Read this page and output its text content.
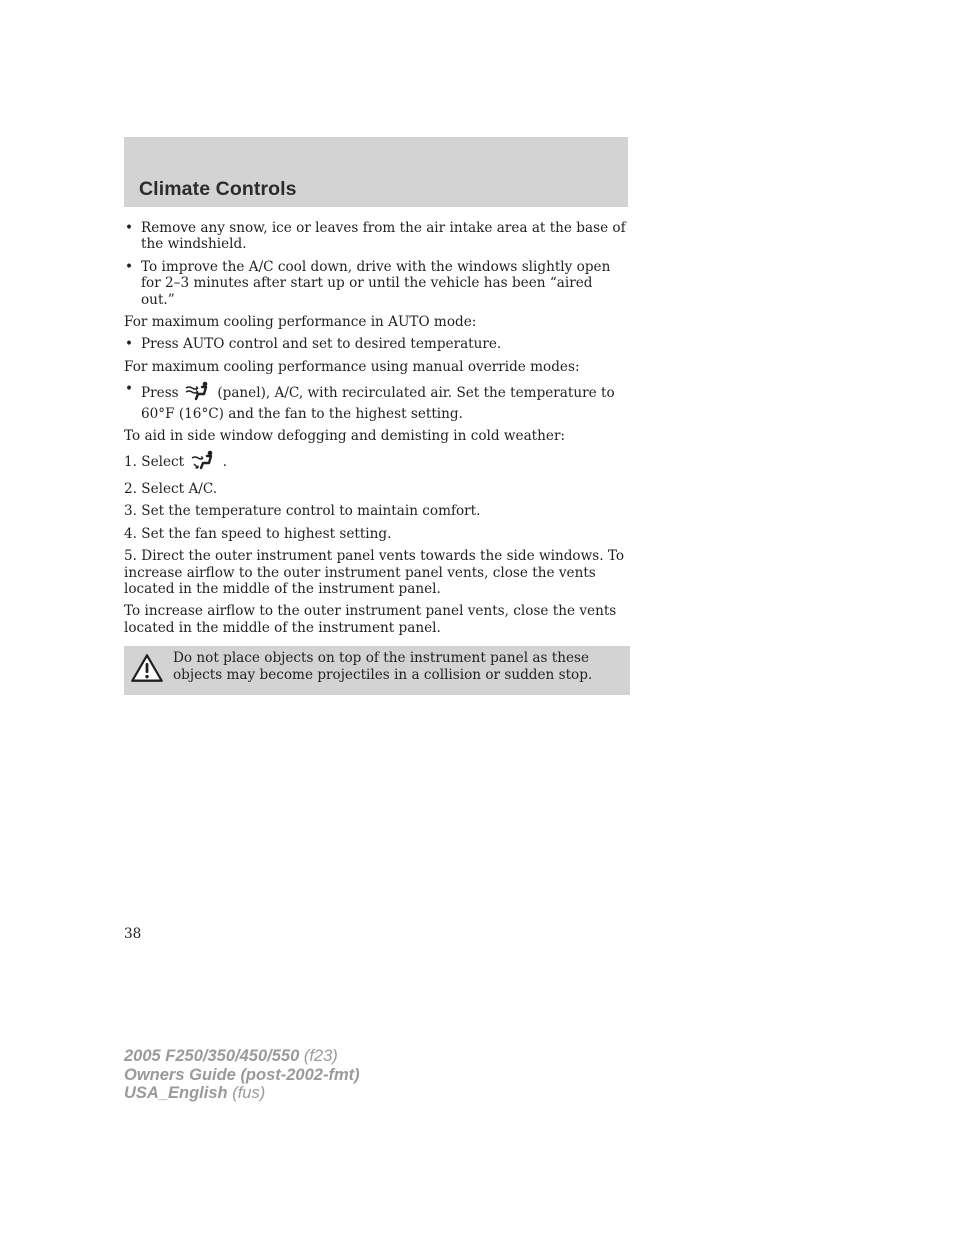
Climate Controls
• Remove any snow, ice or leaves from the air intake area at the base of the windshield.
• To improve the A/C cool down, drive with the windows slightly open for 2–3 minutes after start up or until the vehicle has been “aired out.”

For maximum cooling performance in AUTO mode:

• Press AUTO control and set to desired temperature.

For maximum cooling performance using manual override modes:

• Press	(panel), A/C, with recirculated air. Set the temperature to 60°F (16°C) and the fan to the highest setting.

To aid in side window defogging and demisting in cold weather:

1. Select	.

2. Select A/C.

3. Set the temperature control to maintain comfort.

4. Set the fan speed to highest setting.

5. Direct the outer instrument panel vents towards the side windows. To increase airflow to the outer instrument panel vents, close the vents located in the middle of the instrument panel.

To increase airflow to the outer instrument panel vents, close the vents located in the middle of the instrument panel.

Do not place objects on top of the instrument panel as these objects may become projectiles in a collision or sudden stop.
38
2005 F250/350/450/550 (f23)
Owners Guide (post-2002-fmt)
USA_English (fus)
